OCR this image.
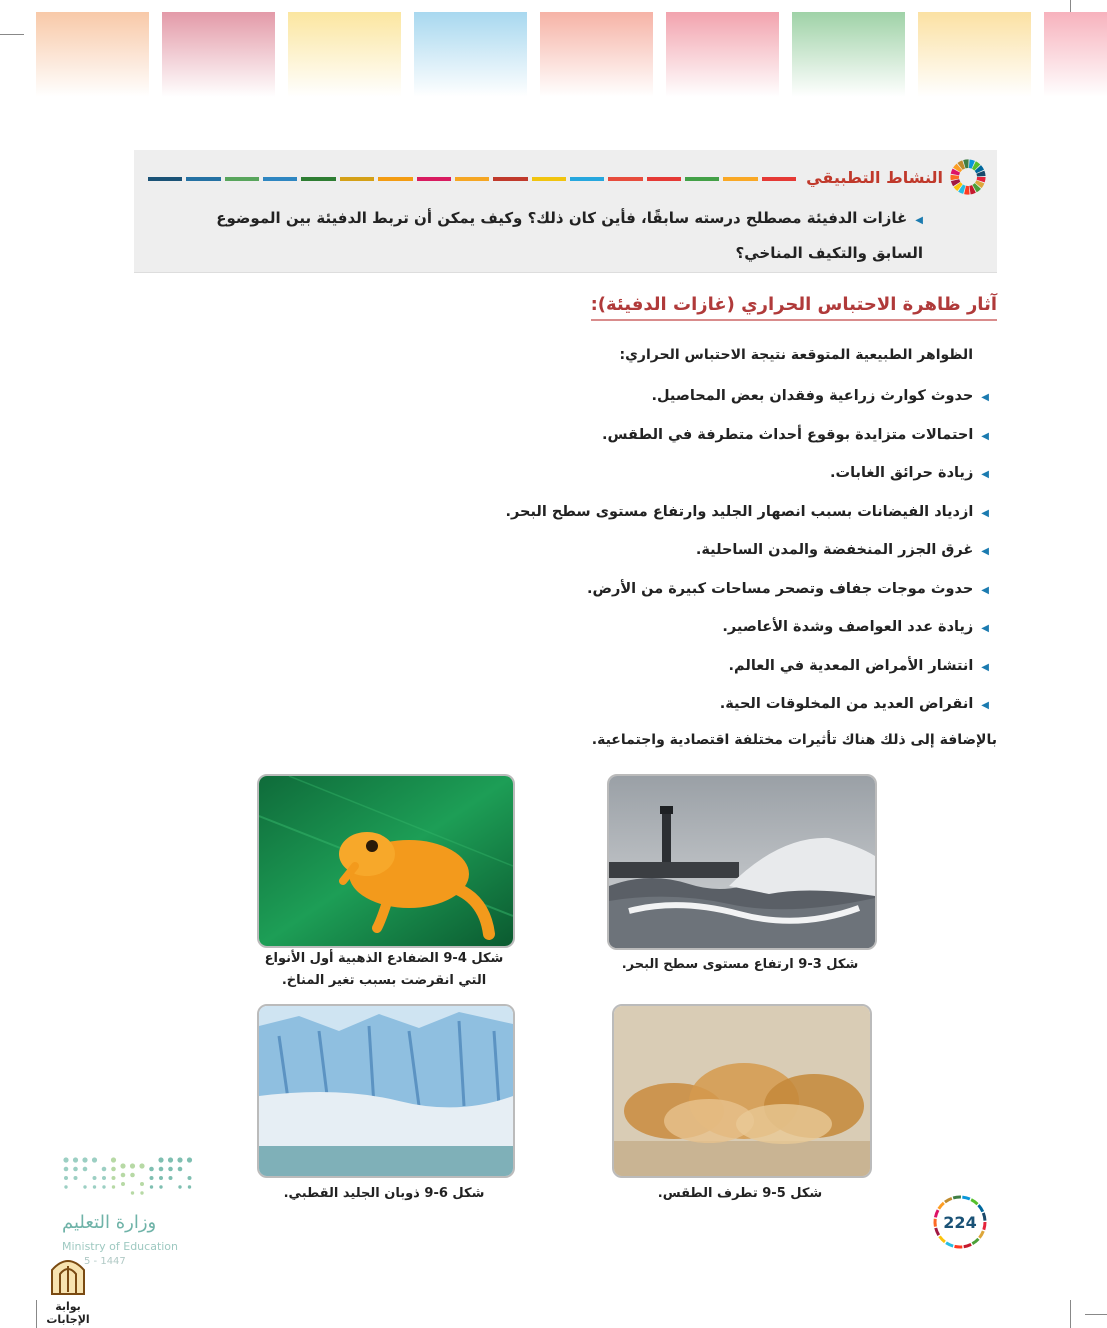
النشاط التطبيقي
◀غازات الدفيئة مصطلح درسته سابقًا، فأين كان ذلك؟ وكيف يمكن أن تربط الدفيئة بين الموضوع السابق والتكيف المناخي؟
آثار ظاهرة الاحتباس الحراري (غازات الدفيئة):
الظواهر الطبيعية المتوقعة نتيجة الاحتباس الحراري:
◀حدوث كوارث زراعية وفقدان بعض المحاصيل.
◀احتمالات متزايدة بوقوع أحداث متطرفة في الطقس.
◀زيادة حرائق الغابات.
◀ازدياد الفيضانات بسبب انصهار الجليد وارتفاع مستوى سطح البحر.
◀غرق الجزر المنخفضة والمدن الساحلية.
◀حدوث موجات جفاف وتصحر مساحات كبيرة من الأرض.
◀زيادة عدد العواصف وشدة الأعاصير.
◀انتشار الأمراض المعدية في العالم.
◀انقراض العديد من المخلوقات الحية.
بالإضافة إلى ذلك هناك تأثيرات مختلفة اقتصادية واجتماعية.
شكل 3-9 ارتفاع مستوى سطح البحر.
شكل 4-9 الضفادع الذهبية أول الأنواع
التي انقرضت بسبب تغير المناخ.
شكل 5-9 تطرف الطقس.
شكل 6-9 ذوبان الجليد القطبي.
وزارة التعليم
Ministry of Education
5 - 1447
بوابة الإجابات
224
